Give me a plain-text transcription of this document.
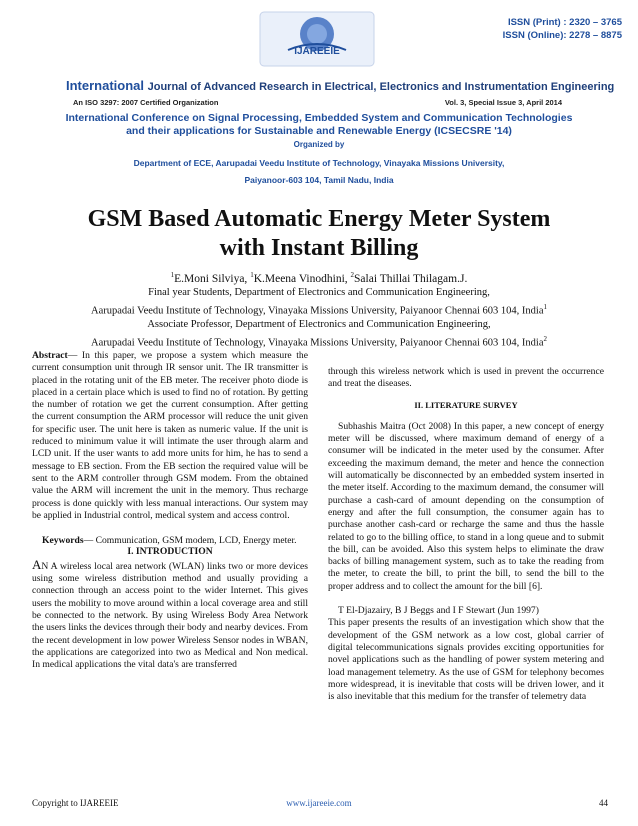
IJAREEIE
ISSN (Print) : 2320 – 3765
ISSN (Online): 2278 – 8875
International Journal of Advanced Research in Electrical, Electronics and Instrumentation Engineering
An ISO 3297: 2007 Certified Organization	Vol. 3, Special Issue 3, April 2014
International Conference on Signal Processing, Embedded System and Communication Technologies
and their applications for Sustainable and Renewable Energy (ICSECSRE '14)
Organized by
Department of ECE, Aarupadai Veedu Institute of Technology, Vinayaka Missions University,
Paiyanoor-603 104, Tamil Nadu, India
GSM Based Automatic Energy Meter System
with Instant Billing
$^1$E.Moni Silviya, $^1$K.Meena Vinodhini, $^2$Salai Thillai Thilagam.J.
Final year Students, Department of Electronics and Communication Engineering,
Aarupadai Veedu Institute of Technology, Vinayaka Missions University, Paiyanoor Chennai 603 104, India$^1$
Associate Professor, Department of Electronics and Communication Engineering,
Aarupadai Veedu Institute of Technology, Vinayaka Missions University, Paiyanoor Chennai 603 104, India$^2$

Abstract— In this paper, we propose a system which measure the current consumption unit through IR sensor unit. The IR transmitter is placed in the rotating unit of the EB meter. The receiver photo diode is placed in a certain place which is used to find no of rotation. By getting the number of rotation we get the current consumption. After getting the current consumption the ARM processor will reduce the unit given for specific user. The unit here is taken as numeric value. If the unit is reduced to minimum value it will intimate the user through alarm and LCD unit. If the user wants to add more units for him, he has to send a message to EB section. From the EB section the required value will be sent to the ARM controller through GSM modem. From the obtained value the ARM will increment the unit in the memory. Thus recharge process is done quickly with less manual interactions. Our system may be applied in Industrial control, medical system and access control.

Keywords— Communication, GSM modem, LCD, Energy meter.

I. INTRODUCTION

AN A wireless local area network (WLAN) links two or more devices using some wireless distribution method and usually providing a connection through an access point to the wider Internet. This gives users the mobility to move around within a local coverage area and still be connected to the network. By using Wireless Body Area Network the users links the devices through their body and nearby devices. From the recent development in low power Wireless Sensor nodes in WBAN, the applications are categorized into two as Medical and Non medical. In medical applications the vital data's are transferred

through this wireless network which is used in prevent the occurrence and treat the diseases.

II. LITERATURE SURVEY

Subhashis Maitra (Oct 2008) In this paper, a new concept of energy meter will be discussed, where maximum demand of energy of a consumer will be indicated in the meter used by the consumer. After exceeding the maximum demand, the meter and hence the connection will automatically be disconnected by an embedded system inserted in the meter itself. According to the maximum demand, the consumer will purchase a cash-card of amount depending on the consumption of energy and after the full consumption, the consumer again has to purchase another cash-card or recharge the same and thus the hassle related to go to the billing office, to stand in a long queue and to submit the bill, can be avoided. Also this system helps to eliminate the draw backs of billing management system, such as to take the reading from the meter, to create the bill, to print the bill, to send the bill to the proper address and to collect the amount for the bill [6].

T El-Djazairy, B J Beggs and I F Stewart (Jun 1997)

This paper presents the results of an investigation which show that the development of the GSM network as a low cost, global carrier of digital telecommunications signals provides exciting opportunities for novel applications such as the handling of power system metering and load management telemetry. As the use of GSM for telephony becomes more widespread, it is inevitable that costs will be driven lower, and it is also inevitable that this medium for the transfer of telemetry data

Copyright to IJAREEIE	www.ijareeie.com	44
